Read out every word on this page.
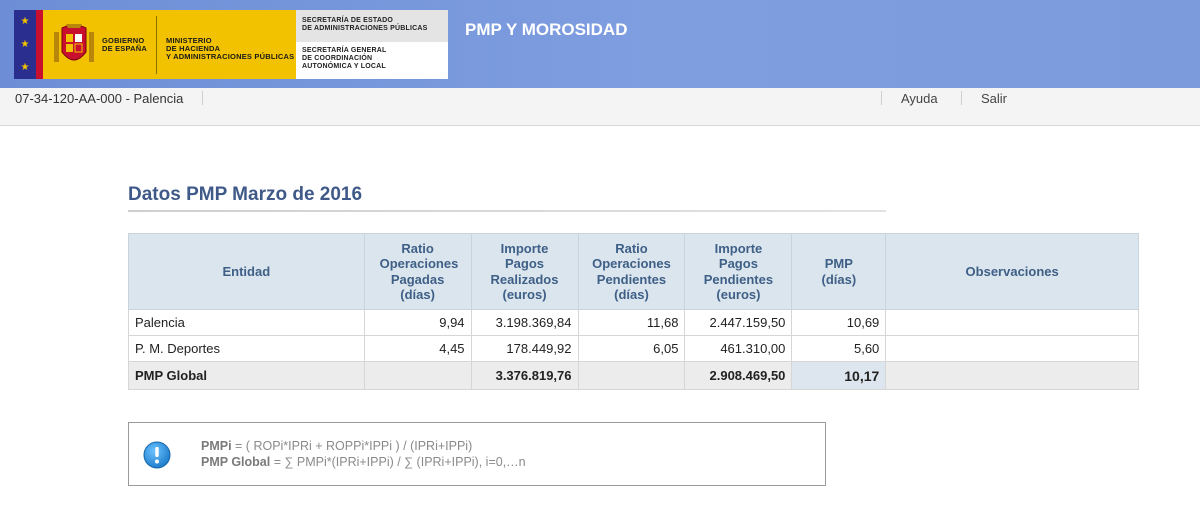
★
★
★
GOBIERNO
DE ESPAÑA
MINISTERIO
DE HACIENDA
Y ADMINISTRACIONES PÚBLICAS
SECRETARÍA DE ESTADO
DE ADMINISTRACIONES PÚBLICAS
SECRETARÍA GENERAL
DE COORDINACIÓN
AUTONÓMICA Y LOCAL
PMP Y MOROSIDAD
07-34-120-AA-000 - Palencia	Ayuda	Salir
Datos PMP Marzo de 2016
Entidad	Ratio Operaciones Pagadas (días)	Importe Pagos Realizados (euros)	Ratio Operaciones Pendientes (días)	Importe Pagos Pendientes (euros)	PMP (días)	Observaciones
Palencia	9,94	3.198.369,84	11,68	2.447.159,50	10,69	
P. M. Deportes	4,45	178.449,92	6,05	461.310,00	5,60	
PMP Global		3.376.819,76		2.908.469,50	10,17	
PMPi = ( ROPi*IPRi + ROPPi*IPPi ) / (IPRi+IPPi)
PMP Global = ∑ PMPi*(IPRi+IPPi) / ∑ (IPRi+IPPi), i=0,…n
